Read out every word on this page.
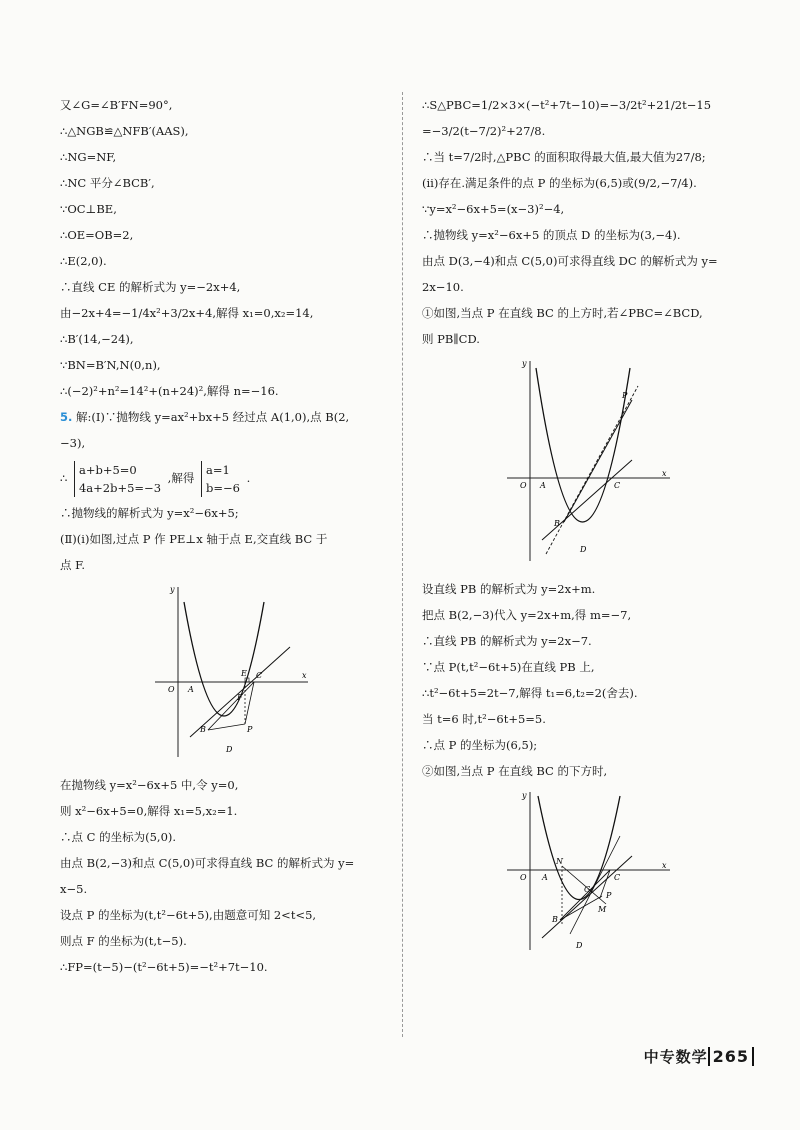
又∠G=∠B′FN=90°,
∴△NGB≌△NFB′(AAS),
∴NG=NF,
∴NC 平分∠BCB′,
∵OC⊥BE,
∴OE=OB=2,
∴E(2,0).
∴直线 CE 的解析式为 y=−2x+4,
由−2x+4=−1/4x²+3/2x+4,解得 x₁=0,x₂=14,
∴B′(14,−24),
∵BN=B′N,N(0,n),
∴(−2)²+n²=14²+(n+24)²,解得 n=−16.
5. 解:(Ⅰ)∵抛物线 y=ax²+bx+5 经过点 A(1,0),点 B(2,
−3),
∴
a+b+5=0
4a+2b+5=−3
,解得
a=1
b=−6
.
∴抛物线的解析式为 y=x²−6x+5;
(Ⅱ)(ⅰ)如图,过点 P 作 PE⊥x 轴于点 E,交直线 BC 于
点 F.
y
x
O A
E C
F
B	P
D
在抛物线 y=x²−6x+5 中,令 y=0,
则 x²−6x+5=0,解得 x₁=5,x₂=1.
∴点 C 的坐标为(5,0).
由点 B(2,−3)和点 C(5,0)可求得直线 BC 的解析式为 y=
x−5.
设点 P 的坐标为(t,t²−6t+5),由题意可知 2<t<5,
则点 F 的坐标为(t,t−5).
∴FP=(t−5)−(t²−6t+5)=−t²+7t−10.
∴S△PBC=1/2×3×(−t²+7t−10)=−3/2t²+21/2t−15
=−3/2(t−7/2)²+27/8.
∴当 t=7/2时,△PBC 的面积取得最大值,最大值为27/8;
(ⅱ)存在.满足条件的点 P 的坐标为(6,5)或(9/2,−7/4).
∵y=x²−6x+5=(x−3)²−4,
∴抛物线 y=x²−6x+5 的顶点 D 的坐标为(3,−4).
由点 D(3,−4)和点 C(5,0)可求得直线 DC 的解析式为 y=
2x−10.
①如图,当点 P 在直线 BC 的上方时,若∠PBC=∠BCD,
则 PB∥CD.
y
x
O A	C
B
P
D
设直线 PB 的解析式为 y=2x+m.
把点 B(2,−3)代入 y=2x+m,得 m=−7,
∴直线 PB 的解析式为 y=2x−7.
∵点 P(t,t²−6t+5)在直线 PB 上,
∴t²−6t+5=2t−7,解得 t₁=6,t₂=2(舍去).
当 t=6 时,t²−6t+5=5.
∴点 P 的坐标为(6,5);
②如图,当点 P 在直线 BC 的下方时,
y
x
O A
N
C
G
P
M
B
D
中专数学 265
